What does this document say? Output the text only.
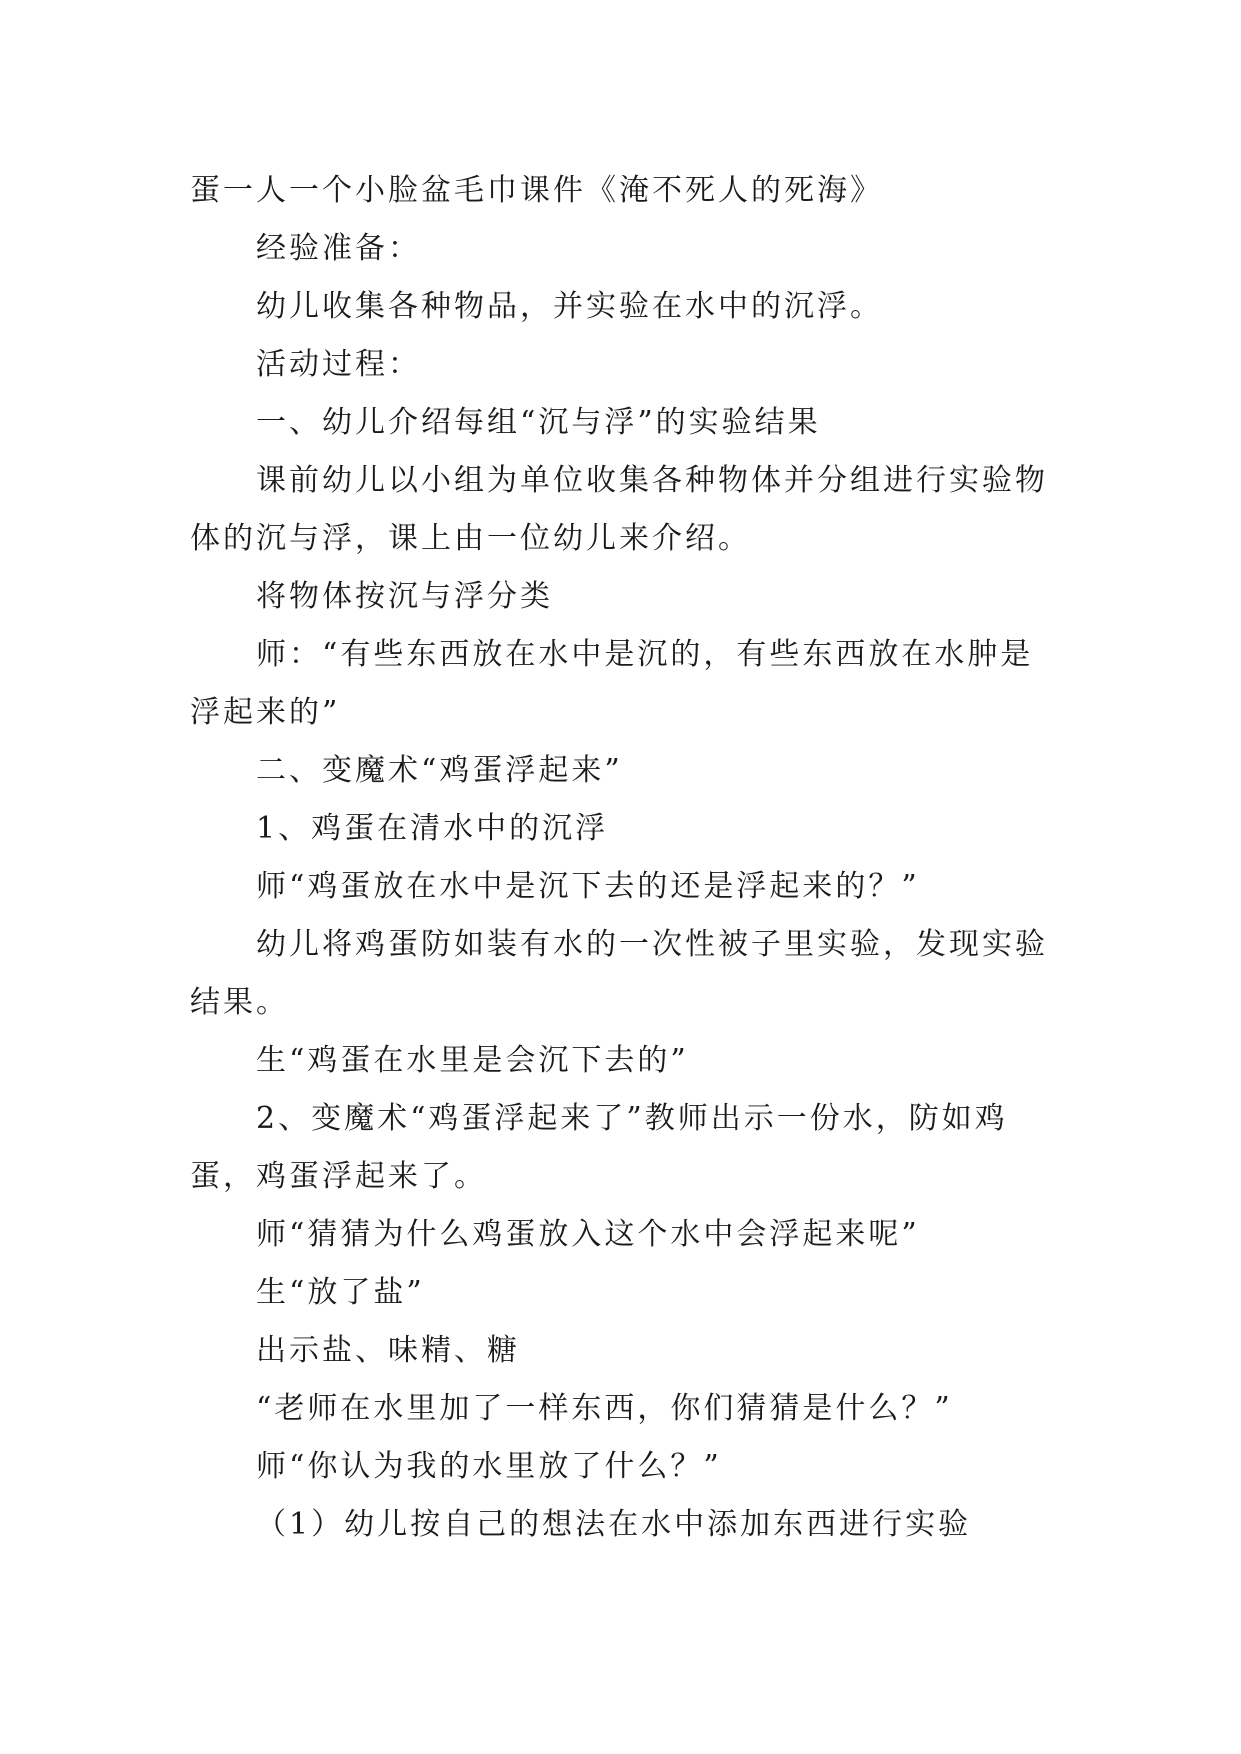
蛋一人一个小脸盆毛巾课件《淹不死人的死海》

经验准备：

幼儿收集各种物品，并实验在水中的沉浮。

活动过程：

一、幼儿介绍每组“沉与浮”的实验结果

课前幼儿以小组为单位收集各种物体并分组进行实验物体的沉与浮，课上由一位幼儿来介绍。

将物体按沉与浮分类

师：“有些东西放在水中是沉的，有些东西放在水肿是浮起来的”

二、变魔术“鸡蛋浮起来”

1、鸡蛋在清水中的沉浮

师“鸡蛋放在水中是沉下去的还是浮起来的？”

幼儿将鸡蛋防如装有水的一次性被子里实验，发现实验结果。

生“鸡蛋在水里是会沉下去的”

2、变魔术“鸡蛋浮起来了”教师出示一份水，防如鸡蛋，鸡蛋浮起来了。

师“猜猜为什么鸡蛋放入这个水中会浮起来呢”

生“放了盐”

出示盐、味精、糖

“老师在水里加了一样东西，你们猜猜是什么？”

师“你认为我的水里放了什么？”

（1）幼儿按自己的想法在水中添加东西进行实验
